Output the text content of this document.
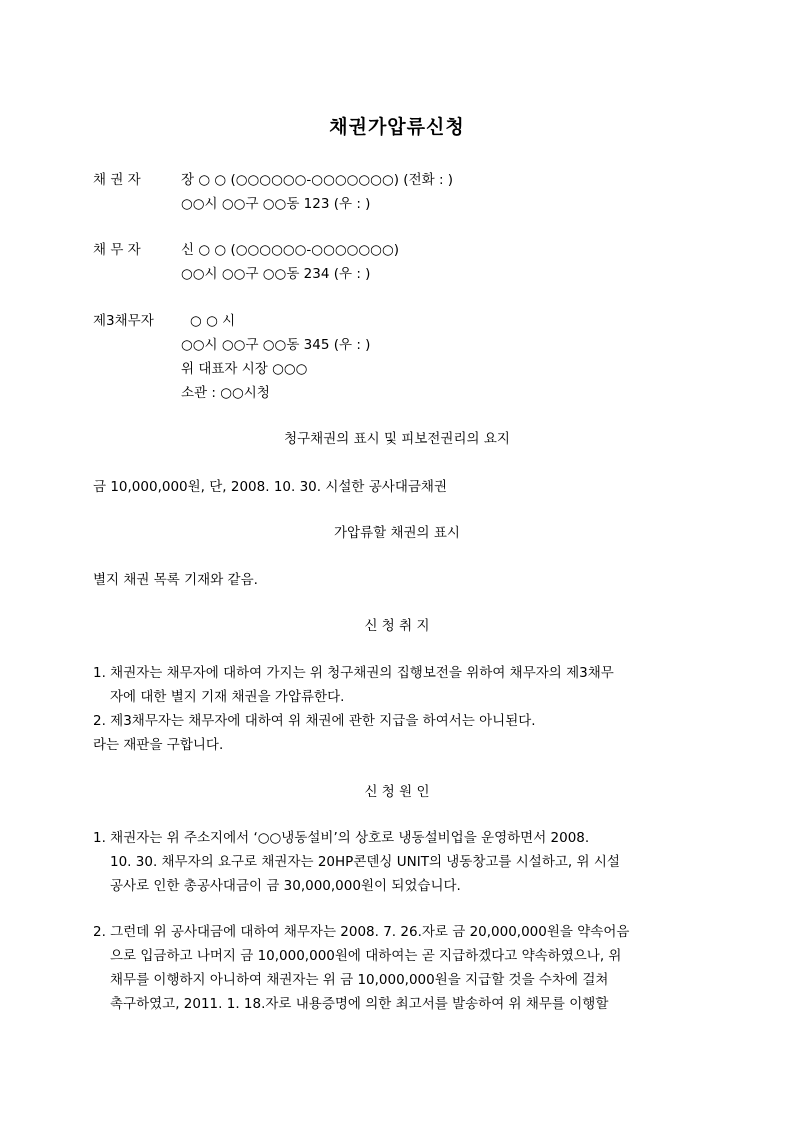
채권가압류신청
채 권 자	장 ○ ○ (○○○○○○-○○○○○○○) (전화 : )
○○시 ○○구 ○○동 123 (우 : )
채 무 자	신 ○ ○ (○○○○○○-○○○○○○○)
○○시 ○○구 ○○동 234 (우 : )
제3채무자	○ ○ 시
○○시 ○○구 ○○동 345 (우 : )
위 대표자 시장 ○○○
소관 : ○○시청
청구채권의 표시 및 피보전권리의 요지
금 10,000,000원, 단, 2008. 10. 30. 시설한 공사대금채권
가압류할 채권의 표시
별지 채권 목록 기재와 같음.
신 청 취 지
1. 채권자는 채무자에 대하여 가지는 위 청구채권의 집행보전을 위하여 채무자의 제3채무
자에 대한 별지 기재 채권을 가압류한다.
2. 제3채무자는 채무자에 대하여 위 채권에 관한 지급을 하여서는 아니된다.
라는 재판을 구합니다.
신 청 원 인
1. 채권자는 위 주소지에서 ‘○○냉동설비’의 상호로 냉동설비업을 운영하면서 2008.
10. 30. 채무자의 요구로 채권자는 20HP콘덴싱 UNIT의 냉동창고를 시설하고, 위 시설
공사로 인한 총공사대금이 금 30,000,000원이 되었습니다.
2. 그런데 위 공사대금에 대하여 채무자는 2008. 7. 26.자로 금 20,000,000원을 약속어음
으로 입금하고 나머지 금 10,000,000원에 대하여는 곧 지급하겠다고 약속하였으나, 위
채무를 이행하지 아니하여 채권자는 위 금 10,000,000원을 지급할 것을 수차에 걸쳐
촉구하였고, 2011. 1. 18.자로 내용증명에 의한 최고서를 발송하여 위 채무를 이행할
